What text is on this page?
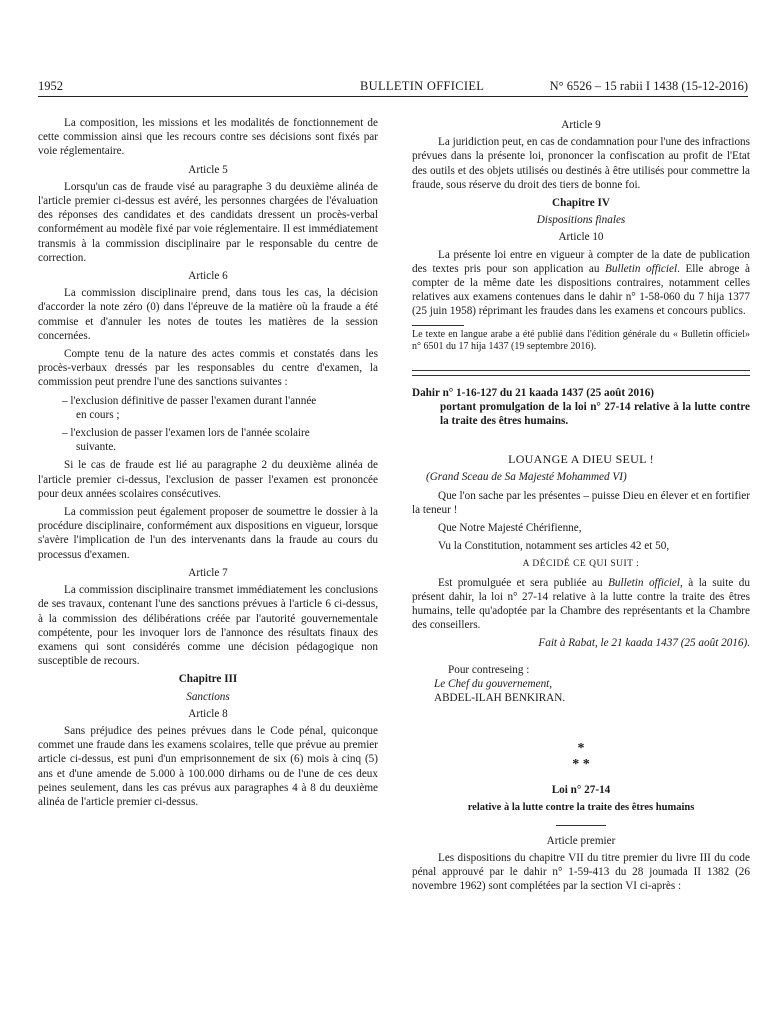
1952	BULLETIN OFFICIEL	N° 6526 – 15 rabii I 1438 (15-12-2016)

La composition, les missions et les modalités de fonctionnement de cette commission ainsi que les recours contre ses décisions sont fixés par voie réglementaire.

Article 5

Lorsqu'un cas de fraude visé au paragraphe 3 du deuxième alinéa de l'article premier ci-dessus est avéré, les personnes chargées de l'évaluation des réponses des candidates et des candidats dressent un procès-verbal conformément au modèle fixé par voie réglementaire. Il est immédiatement transmis à la commission disciplinaire par le responsable du centre de correction.

Article 6

La commission disciplinaire prend, dans tous les cas, la décision d'accorder la note zéro (0) dans l'épreuve de la matière où la fraude a été commise et d'annuler les notes de toutes les matières de la session concernées.

Compte tenu de la nature des actes commis et constatés dans les procès-verbaux dressés par les responsables du centre d'examen, la commission peut prendre l'une des sanctions suivantes :

– l'exclusion définitive de passer l'examen durant l'année
en cours ;
– l'exclusion de passer l'examen lors de l'année scolaire
suivante.

Si le cas de fraude est lié au paragraphe 2 du deuxième alinéa de l'article premier ci-dessus, l'exclusion de passer l'examen est prononcée pour deux années scolaires consécutives.

La commission peut également proposer de soumettre le dossier à la procédure disciplinaire, conformément aux dispositions en vigueur, lorsque s'avère l'implication de l'un des intervenants dans la fraude au cours du processus d'examen.

Article 7

La commission disciplinaire transmet immédiatement les conclusions de ses travaux, contenant l'une des sanctions prévues à l'article 6 ci-dessus, à la commission des délibérations créée par l'autorité gouvernementale compétente, pour les invoquer lors de l'annonce des résultats finaux des examens qui sont considérés comme une décision pédagogique non susceptible de recours.

Chapitre III

Sanctions

Article 8

Sans préjudice des peines prévues dans le Code pénal, quiconque commet une fraude dans les examens scolaires, telle que prévue au premier article ci-dessus, est puni d'un emprisonnement de six (6) mois à cinq (5) ans et d'une amende de 5.000 à 100.000 dirhams ou de l'une de ces deux peines seulement, dans les cas prévus aux paragraphes 4 à 8 du deuxième alinéa de l'article premier ci-dessus.

Article 9

La juridiction peut, en cas de condamnation pour l'une des infractions prévues dans la présente loi, prononcer la confiscation au profit de l'Etat des outils et des objets utilisés ou destinés à être utilisés pour commettre la fraude, sous réserve du droit des tiers de bonne foi.

Chapitre IV

Dispositions finales

Article 10

La présente loi entre en vigueur à compter de la date de publication des textes pris pour son application au Bulletin officiel. Elle abroge à compter de la même date les dispositions contraires, notamment celles relatives aux examens contenues dans le dahir n° 1-58-060 du 7 hija 1377 (25 juin 1958) réprimant les fraudes dans les examens et concours publics.

Le texte en langue arabe a été publié dans l'édition générale du « Bulletin officiel» n° 6501 du 17 hija 1437 (19 septembre 2016).

Dahir n° 1-16-127 du 21 kaada 1437 (25 août 2016)
portant promulgation de la loi n° 27-14 relative à la lutte contre la traite des êtres humains.

LOUANGE A DIEU SEUL !

(Grand Sceau de Sa Majesté Mohammed VI)

Que l'on sache par les présentes – puisse Dieu en élever et en fortifier la teneur !

Que Notre Majesté Chérifienne,

Vu la Constitution, notamment ses articles 42 et 50,

A DÉCIDÉ CE QUI SUIT :

Est promulguée et sera publiée au Bulletin officiel, à la suite du présent dahir, la loi n° 27-14 relative à la lutte contre la traite des êtres humains, telle qu'adoptée par la Chambre des représentants et la Chambre des conseillers.

Fait à Rabat, le 21 kaada 1437 (25 août 2016).

Pour contreseing :

Le Chef du gouvernement,

ABDEL-ILAH BENKIRAN.

*
* *

Loi n° 27-14

relative à la lutte contre la traite des êtres humains

Article premier

Les dispositions du chapitre VII du titre premier du livre III du code pénal approuvé par le dahir n° 1-59-413 du 28 joumada II 1382 (26 novembre 1962) sont complétées par la section VI ci-après :
